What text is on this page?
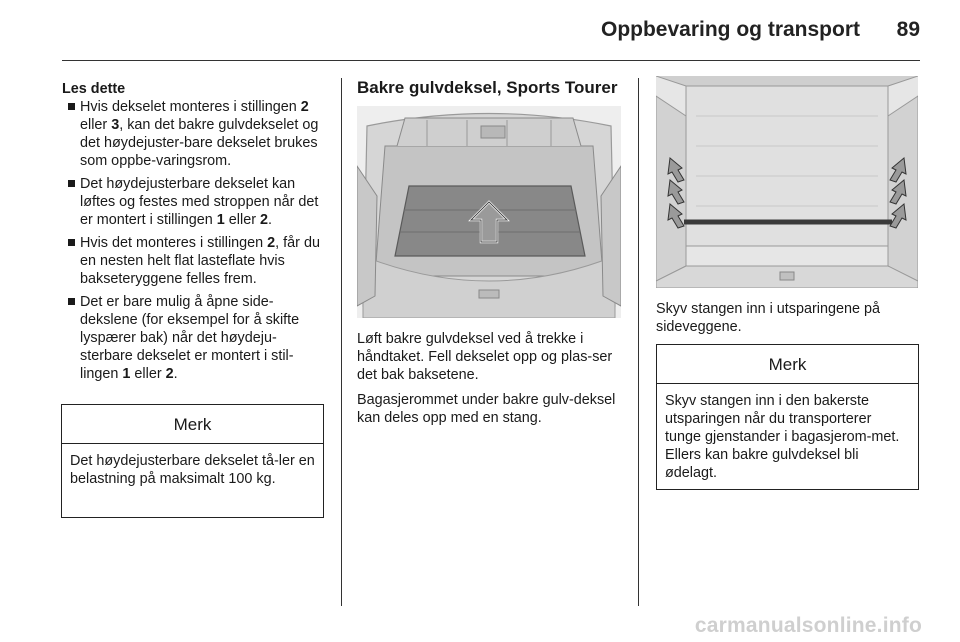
Oppbevaring og transport	89
Les dette
Hvis dekselet monteres i stillingen 2 eller 3, kan det bakre gulvdekselet og det høydejuster-bare dekselet brukes som oppbe-varingsrom.
Det høydejusterbare dekselet kan løftes og festes med stroppen når det er montert i stillingen 1 eller 2.
Hvis det monteres i stillingen 2, får du en nesten helt flat lasteflate hvis bakseteryggene felles frem.
Det er bare mulig å åpne side-dekslene (for eksempel for å skifte lyspærer bak) når det høydeju-sterbare dekselet er montert i stil-lingen 1 eller 2.
Merk
Det høydejusterbare dekselet tå-ler en belastning på maksimalt 100 kg.
Bakre gulvdeksel, Sports Tourer

Løft bakre gulvdeksel ved å trekke i håndtaket. Fell dekselet opp og plas-ser det bak baksetene.

Bagasjerommet under bakre gulv-deksel kan deles opp med en stang.

Skyv stangen inn i utsparingene på sideveggene.

Merk
Skyv stangen inn i den bakerste utsparingen når du transporterer tunge gjenstander i bagasjerom-met. Ellers kan bakre gulvdeksel bli ødelagt.
carmanualsonline.info
